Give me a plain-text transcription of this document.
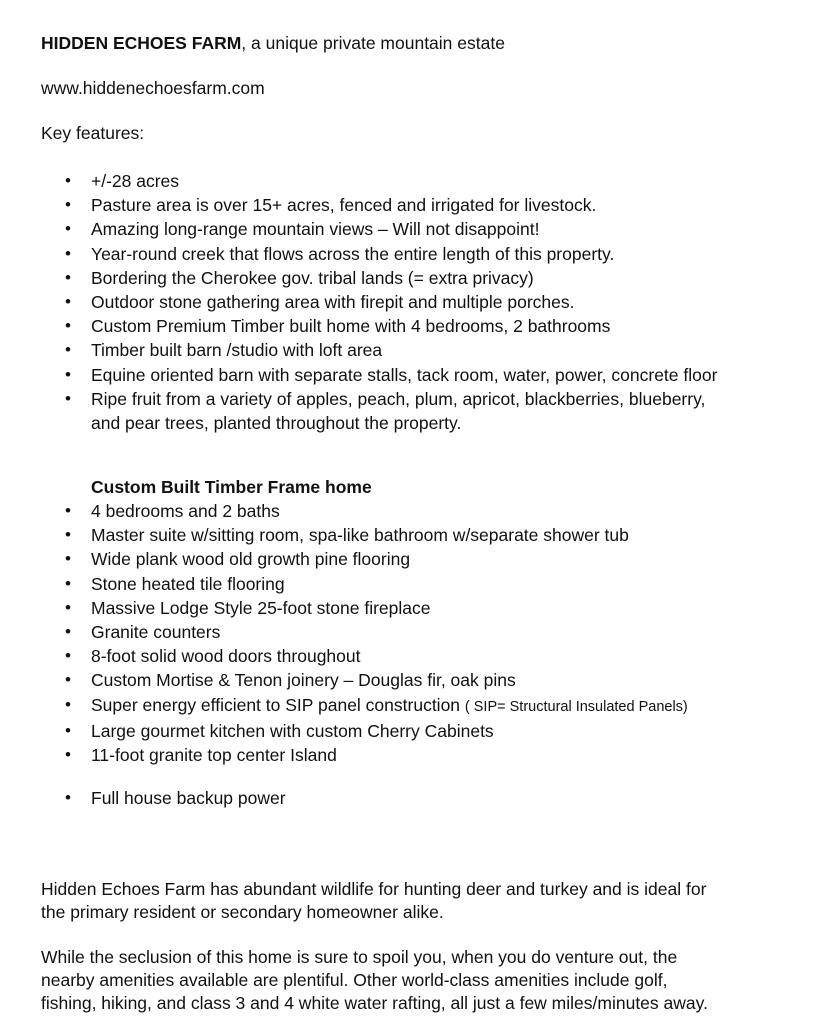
HIDDEN ECHOES FARM, a unique private mountain estate
www.hiddenechoesfarm.com
Key features:
• +/-28 acres
• Pasture area is over 15+ acres, fenced and irrigated for livestock.
• Amazing long-range mountain views – Will not disappoint!
• Year-round creek that flows across the entire length of this property.
• Bordering the Cherokee gov. tribal lands (= extra privacy)
• Outdoor stone gathering area with firepit and multiple porches.
• Custom Premium Timber built home with 4 bedrooms, 2 bathrooms
• Timber built barn /studio with loft area
• Equine oriented barn with separate stalls, tack room, water, power, concrete floor
• Ripe fruit from a variety of apples, peach, plum, apricot, blackberries, blueberry,
and pear trees, planted throughout the property.
Custom Built Timber Frame home
• 4 bedrooms and 2 baths
• Master suite w/sitting room, spa-like bathroom w/separate shower tub
• Wide plank wood old growth pine flooring
• Stone heated tile flooring
• Massive Lodge Style 25-foot stone fireplace
• Granite counters
• 8-foot solid wood doors throughout
• Custom Mortise & Tenon joinery – Douglas fir, oak pins
• Super energy efficient to SIP panel construction ( SIP= Structural Insulated Panels)
• Large gourmet kitchen with custom Cherry Cabinets
• 11-foot granite top center Island
• Full house backup power
Hidden Echoes Farm has abundant wildlife for hunting deer and turkey and is ideal for
the primary resident or secondary homeowner alike.
While the seclusion of this home is sure to spoil you, when you do venture out, the
nearby amenities available are plentiful. Other world-class amenities include golf,
fishing, hiking, and class 3 and 4 white water rafting, all just a few miles/minutes away.
